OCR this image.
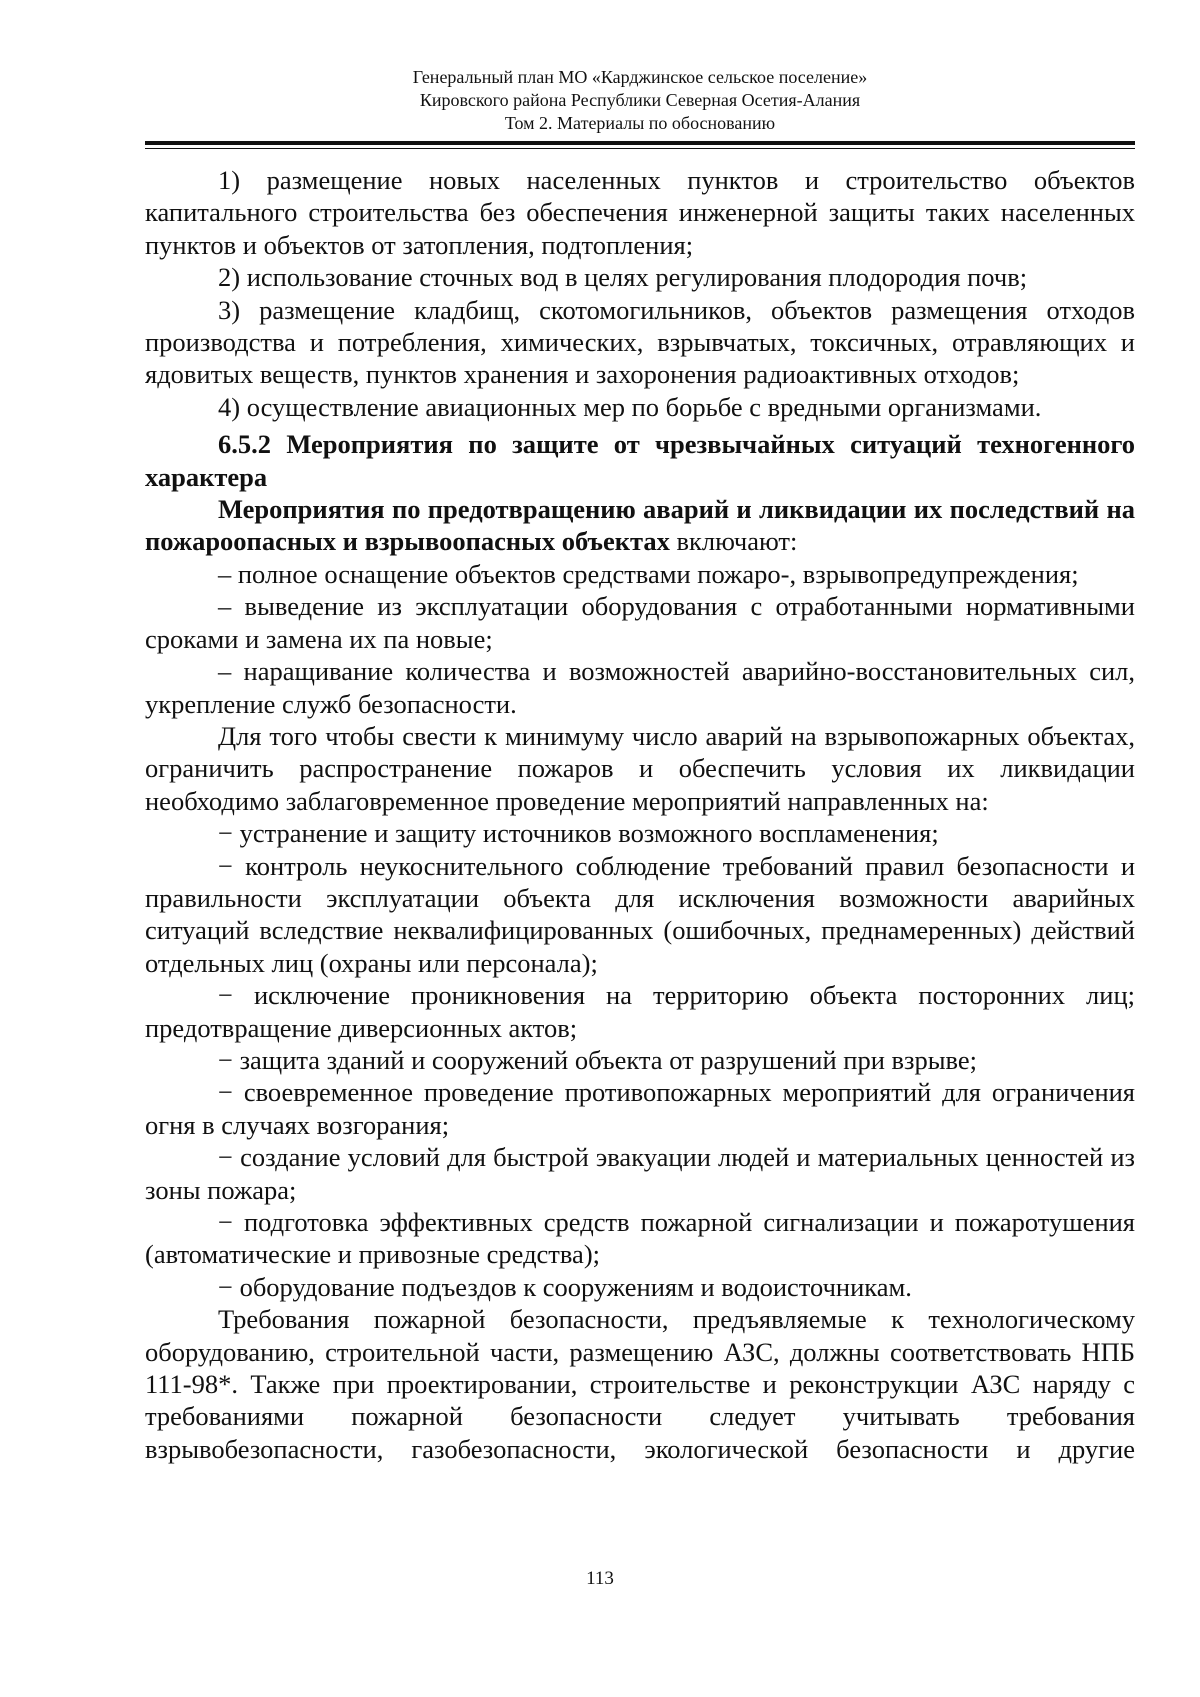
Генеральный план МО «Карджинское сельское поселение»
Кировского района Республики Северная Осетия-Алания
Том 2. Материалы по обоснованию

1) размещение новых населенных пунктов и строительство объектов капитального строительства без обеспечения инженерной защиты таких населенных пунктов и объектов от затопления, подтопления;

2) использование сточных вод в целях регулирования плодородия почв;

3) размещение кладбищ, скотомогильников, объектов размещения отходов производства и потребления, химических, взрывчатых, токсичных, отравляющих и ядовитых веществ, пунктов хранения и захоронения радиоактивных отходов;

4) осуществление авиационных мер по борьбе с вредными организмами.

6.5.2 Мероприятия по защите от чрезвычайных ситуаций техногенного характера

Мероприятия по предотвращению аварий и ликвидации их последствий на пожароопасных и взрывоопасных объектах включают:

– полное оснащение объектов средствами пожаро-, взрывопредупреждения;

– выведение из эксплуатации оборудования с отработанными нормативными сроками и замена их па новые;

– наращивание количества и возможностей аварийно-восстановительных сил, укрепление служб безопасности.

Для того чтобы свести к минимуму число аварий на взрывопожарных объектах, ограничить распространение пожаров и обеспечить условия их ликвидации необходимо заблаговременное проведение мероприятий направленных на:

− устранение и защиту источников возможного воспламенения;

− контроль неукоснительного соблюдение требований правил безопасности и правильности эксплуатации объекта для исключения возможности аварийных ситуаций вследствие неквалифицированных (ошибочных, преднамеренных) действий отдельных лиц (охраны или персонала);

− исключение проникновения на территорию объекта посторонних лиц; предотвращение диверсионных актов;

− защита зданий и сооружений объекта от разрушений при взрыве;

− своевременное проведение противопожарных мероприятий для ограничения огня в случаях возгорания;

− создание условий для быстрой эвакуации людей и материальных ценностей из зоны пожара;

− подготовка эффективных средств пожарной сигнализации и пожаротушения (автоматические и привозные средства);

− оборудование подъездов к сооружениям и водоисточникам.

Требования пожарной безопасности, предъявляемые к технологическому оборудованию, строительной части, размещению АЗС, должны соответствовать НПБ 111-98*. Также при проектировании, строительстве и реконструкции АЗС наряду с требованиями пожарной безопасности следует учитывать требования взрывобезопасности, газобезопасности, экологической безопасности и другие

113
